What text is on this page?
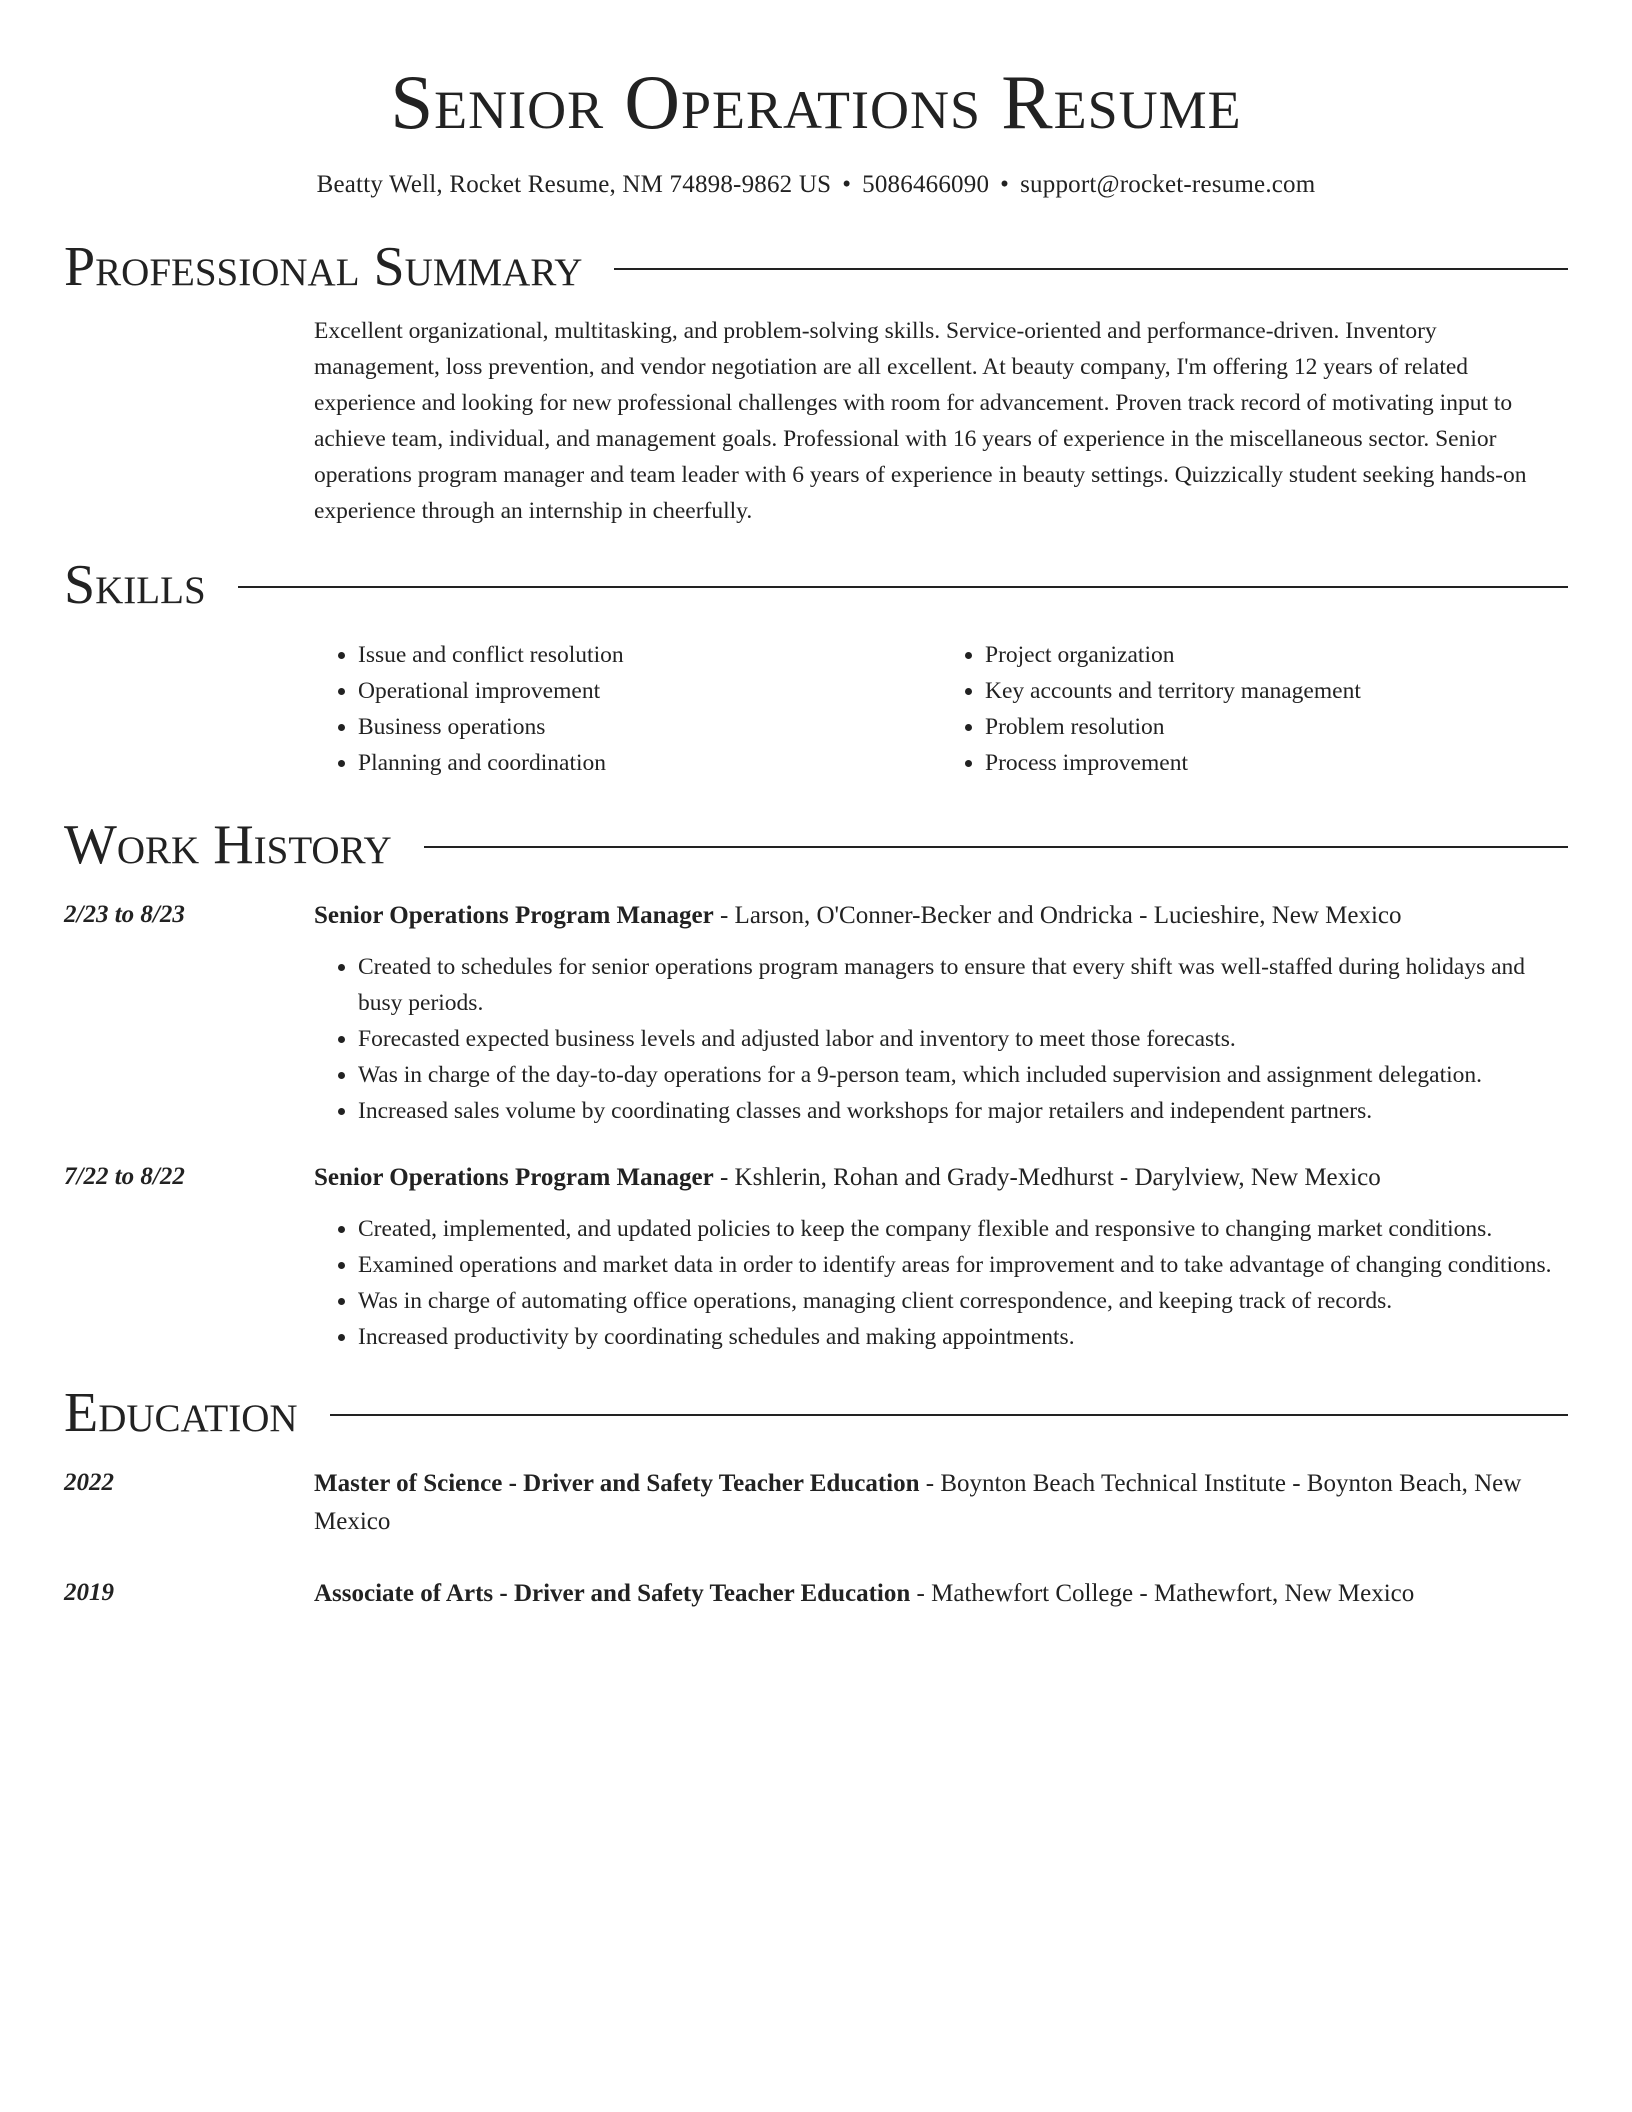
Senior Operations Resume
Beatty Well, Rocket Resume, NM 74898-9862 US • 5086466090 • support@rocket-resume.com
Professional Summary

Excellent organizational, multitasking, and problem-solving skills. Service-oriented and performance-driven. Inventory management, loss prevention, and vendor negotiation are all excellent. At beauty company, I'm offering 12 years of related experience and looking for new professional challenges with room for advancement. Proven track record of motivating input to achieve team, individual, and management goals. Professional with 16 years of experience in the miscellaneous sector. Senior operations program manager and team leader with 6 years of experience in beauty settings. Quizzically student seeking hands-on experience through an internship in cheerfully.

Skills
• Issue and conflict resolution
• Operational improvement
• Business operations
• Planning and coordination
• Project organization
• Key accounts and territory management
• Problem resolution
• Process improvement
Work History
2/23 to 8/23	Senior Operations Program Manager - Larson, O'Conner-Becker and Ondricka - Lucieshire, New Mexico
• Created to schedules for senior operations program managers to ensure that every shift was well-staffed during holidays and busy periods.
• Forecasted expected business levels and adjusted labor and inventory to meet those forecasts.
• Was in charge of the day-to-day operations for a 9-person team, which included supervision and assignment delegation.
• Increased sales volume by coordinating classes and workshops for major retailers and independent partners.
7/22 to 8/22	Senior Operations Program Manager - Kshlerin, Rohan and Grady-Medhurst - Darylview, New Mexico
• Created, implemented, and updated policies to keep the company flexible and responsive to changing market conditions.
• Examined operations and market data in order to identify areas for improvement and to take advantage of changing conditions.
• Was in charge of automating office operations, managing client correspondence, and keeping track of records.
• Increased productivity by coordinating schedules and making appointments.
Education
2022	Master of Science - Driver and Safety Teacher Education - Boynton Beach Technical Institute - Boynton Beach, New Mexico
2019	Associate of Arts - Driver and Safety Teacher Education - Mathewfort College - Mathewfort, New Mexico
